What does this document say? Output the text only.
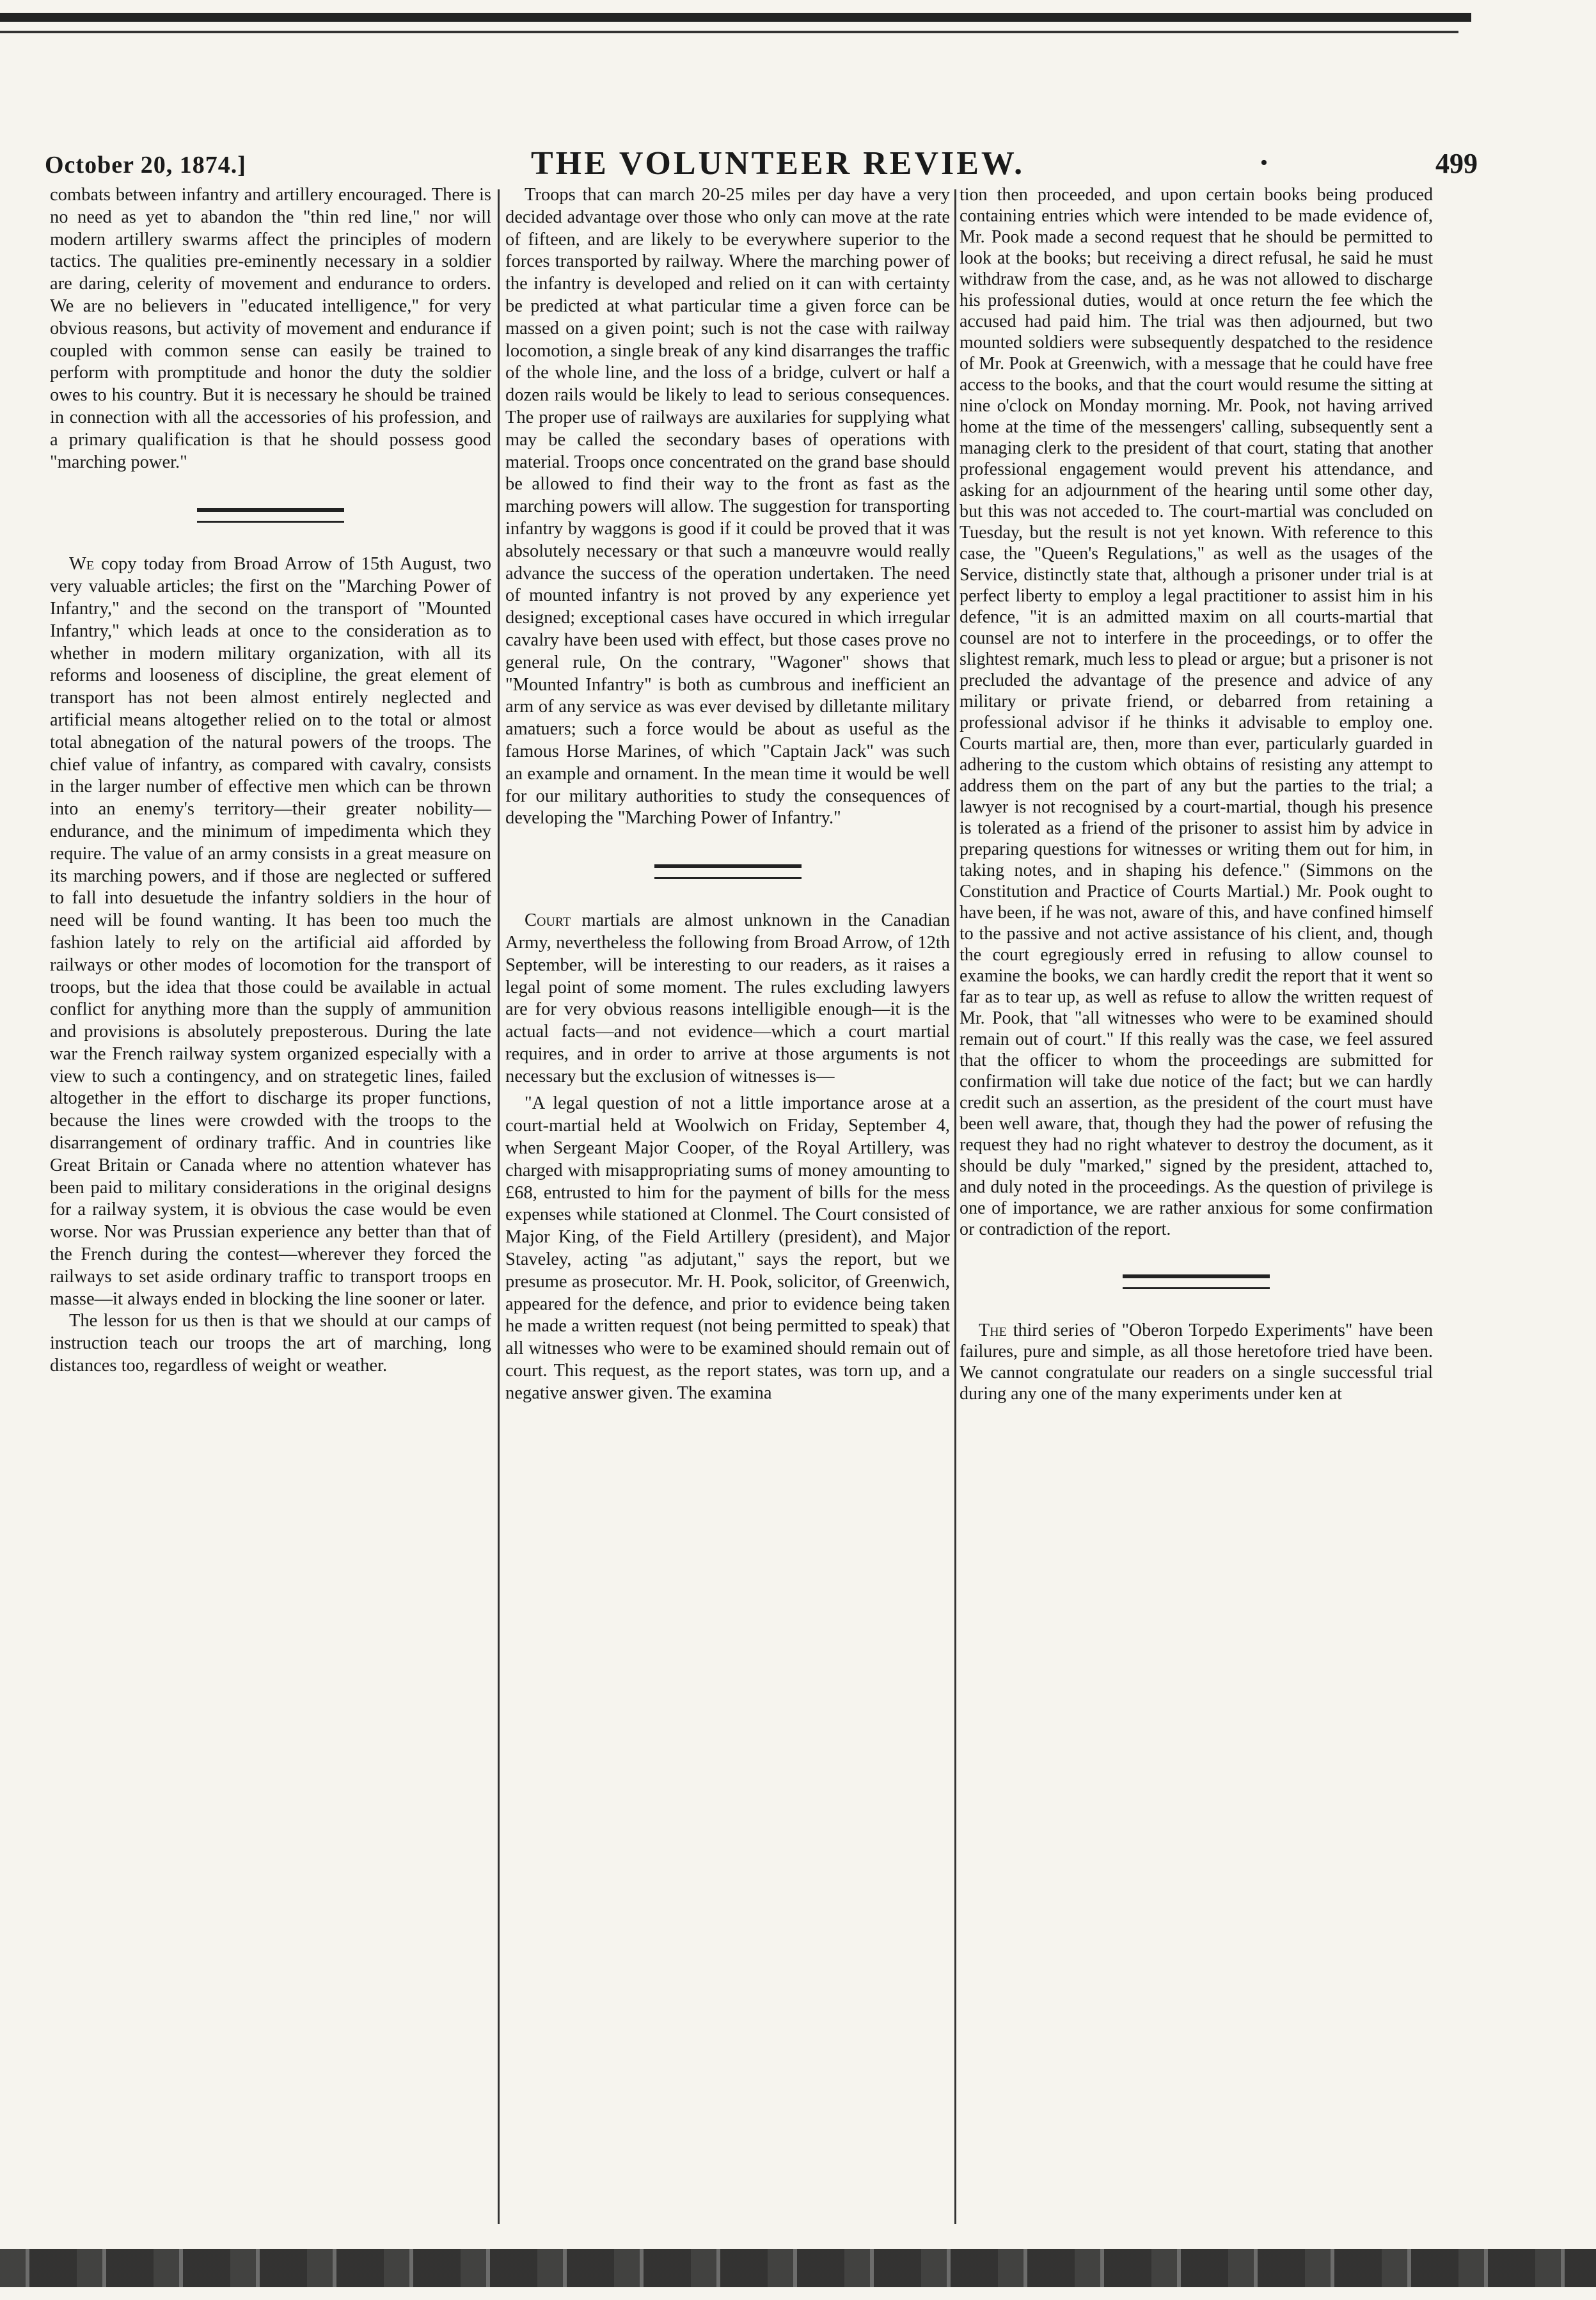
October 20, 1874.]	THE VOLUNTEER REVIEW.	•	499

combats between infantry and artillery encouraged. There is no need as yet to abandon the "thin red line," nor will modern artillery swarms affect the principles of modern tactics. The qualities pre-eminently necessary in a soldier are daring, celerity of movement and endurance to orders. We are no believers in "educated intelligence," for very obvious reasons, but activity of movement and endurance if coupled with common sense can easily be trained to perform with promptitude and honor the duty the soldier owes to his country. But it is necessary he should be trained in connection with all the accessories of his profession, and a primary qualification is that he should possess good "marching power."

We copy today from Broad Arrow of 15th August, two very valuable articles; the first on the "Marching Power of Infantry," and the second on the transport of "Mounted Infantry," which leads at once to the consideration as to whether in modern military organization, with all its reforms and looseness of discipline, the great element of transport has not been almost entirely neglected and artificial means altogether relied on to the total or almost total abnegation of the natural powers of the troops. The chief value of infantry, as compared with cavalry, consists in the larger number of effective men which can be thrown into an enemy's territory—their greater nobility—endurance, and the minimum of impedimenta which they require. The value of an army consists in a great measure on its marching powers, and if those are neglected or suffered to fall into desuetude the infantry soldiers in the hour of need will be found wanting. It has been too much the fashion lately to rely on the artificial aid afforded by railways or other modes of locomotion for the transport of troops, but the idea that those could be available in actual conflict for anything more than the supply of ammunition and provisions is absolutely preposterous. During the late war the French railway system organized especially with a view to such a contingency, and on strategetic lines, failed altogether in the effort to discharge its proper functions, because the lines were crowded with the troops to the disarrangement of ordinary traffic. And in countries like Great Britain or Canada where no attention whatever has been paid to military considerations in the original designs for a railway system, it is obvious the case would be even worse. Nor was Prussian experience any better than that of the French during the contest—wherever they forced the railways to set aside ordinary traffic to transport troops en masse—it always ended in blocking the line sooner or later.

The lesson for us then is that we should at our camps of instruction teach our troops the art of marching, long distances too, regardless of weight or weather.

Troops that can march 20-25 miles per day have a very decided advantage over those who only can move at the rate of fifteen, and are likely to be everywhere superior to the forces transported by railway. Where the marching power of the infantry is developed and relied on it can with certainty be predicted at what particular time a given force can be massed on a given point; such is not the case with railway locomotion, a single break of any kind disarranges the traffic of the whole line, and the loss of a bridge, culvert or half a dozen rails would be likely to lead to serious consequences. The proper use of railways are auxilaries for supplying what may be called the secondary bases of operations with material. Troops once concentrated on the grand base should be allowed to find their way to the front as fast as the marching powers will allow. The suggestion for transporting infantry by waggons is good if it could be proved that it was absolutely necessary or that such a manœuvre would really advance the success of the operation undertaken. The need of mounted infantry is not proved by any experience yet designed; exceptional cases have occured in which irregular cavalry have been used with effect, but those cases prove no general rule, On the contrary, "Wagoner" shows that "Mounted Infantry" is both as cumbrous and inefficient an arm of any service as was ever devised by dilletante military amatuers; such a force would be about as useful as the famous Horse Marines, of which "Captain Jack" was such an example and ornament. In the mean time it would be well for our military authorities to study the consequences of developing the "Marching Power of Infantry."

Court martials are almost unknown in the Canadian Army, nevertheless the following from Broad Arrow, of 12th September, will be interesting to our readers, as it raises a legal point of some moment. The rules excluding lawyers are for very obvious reasons intelligible enough—it is the actual facts—and not evidence—which a court martial requires, and in order to arrive at those arguments is not necessary but the exclusion of witnesses is—

"A legal question of not a little importance arose at a court-martial held at Woolwich on Friday, September 4, when Sergeant Major Cooper, of the Royal Artillery, was charged with misappropriating sums of money amounting to £68, entrusted to him for the payment of bills for the mess expenses while stationed at Clonmel. The Court consisted of Major King, of the Field Artillery (president), and Major Staveley, acting "as adjutant," says the report, but we presume as prosecutor. Mr. H. Pook, solicitor, of Greenwich, appeared for the defence, and prior to evidence being taken he made a written request (not being permitted to speak) that all witnesses who were to be examined should remain out of court. This request, as the report states, was torn up, and a negative answer given. The examina

tion then proceeded, and upon certain books being produced containing entries which were intended to be made evidence of, Mr. Pook made a second request that he should be permitted to look at the books; but receiving a direct refusal, he said he must withdraw from the case, and, as he was not allowed to discharge his professional duties, would at once return the fee which the accused had paid him. The trial was then adjourned, but two mounted soldiers were subsequently despatched to the residence of Mr. Pook at Greenwich, with a message that he could have free access to the books, and that the court would resume the sitting at nine o'clock on Monday morning. Mr. Pook, not having arrived home at the time of the messengers' calling, subsequently sent a managing clerk to the president of that court, stating that another professional engagement would prevent his attendance, and asking for an adjournment of the hearing until some other day, but this was not acceded to. The court-martial was concluded on Tuesday, but the result is not yet known. With reference to this case, the "Queen's Regulations," as well as the usages of the Service, distinctly state that, although a prisoner under trial is at perfect liberty to employ a legal practitioner to assist him in his defence, "it is an admitted maxim on all courts-martial that counsel are not to interfere in the proceedings, or to offer the slightest remark, much less to plead or argue; but a prisoner is not precluded the advantage of the presence and advice of any military or private friend, or debarred from retaining a professional advisor if he thinks it advisable to employ one. Courts martial are, then, more than ever, particularly guarded in adhering to the custom which obtains of resisting any attempt to address them on the part of any but the parties to the trial; a lawyer is not recognised by a court-martial, though his presence is tolerated as a friend of the prisoner to assist him by advice in preparing questions for witnesses or writing them out for him, in taking notes, and in shaping his defence." (Simmons on the Constitution and Practice of Courts Martial.) Mr. Pook ought to have been, if he was not, aware of this, and have confined himself to the passive and not active assistance of his client, and, though the court egregiously erred in refusing to allow counsel to examine the books, we can hardly credit the report that it went so far as to tear up, as well as refuse to allow the written request of Mr. Pook, that "all witnesses who were to be examined should remain out of court." If this really was the case, we feel assured that the officer to whom the proceedings are submitted for confirmation will take due notice of the fact; but we can hardly credit such an assertion, as the president of the court must have been well aware, that, though they had the power of refusing the request they had no right whatever to destroy the document, as it should be duly "marked," signed by the president, attached to, and duly noted in the proceedings. As the question of privilege is one of importance, we are rather anxious for some confirmation or contradiction of the report.

The third series of "Oberon Torpedo Experiments" have been failures, pure and simple, as all those heretofore tried have been. We cannot congratulate our readers on a single successful trial during any one of the many experiments under ken at
